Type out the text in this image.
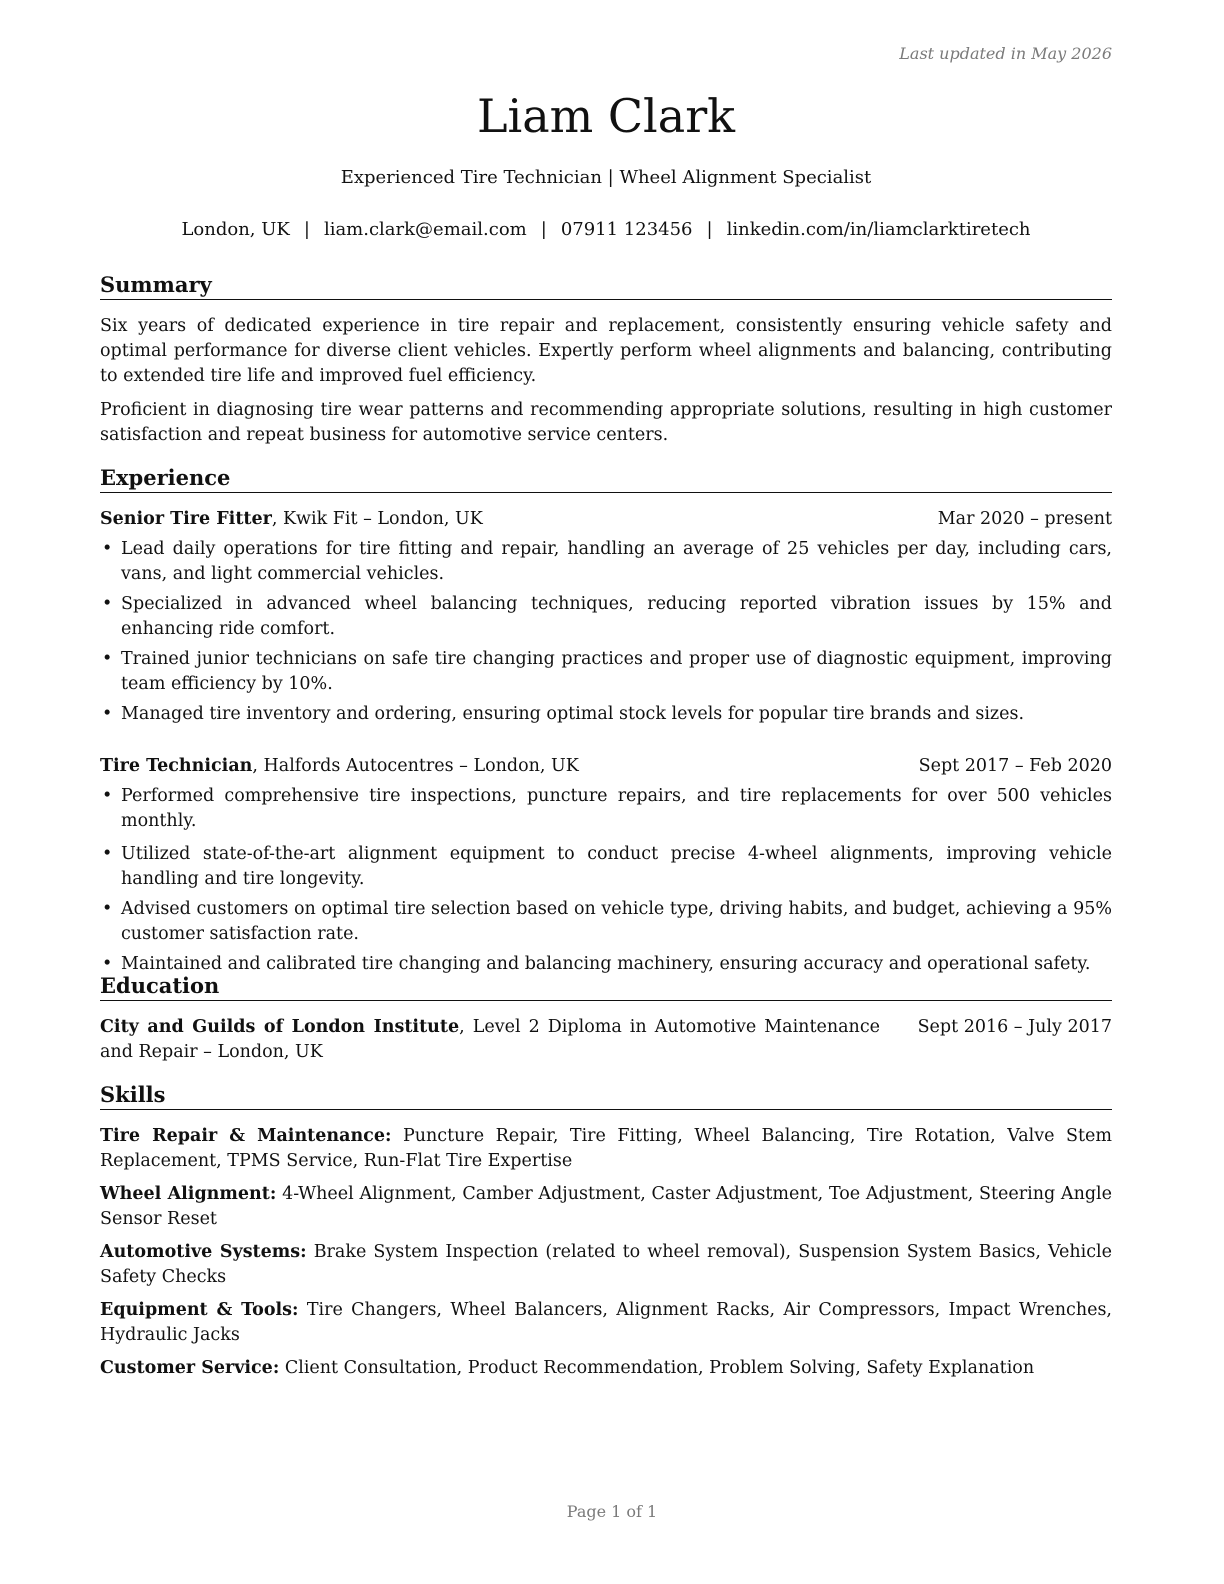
Last updated in May 2026
Liam Clark
Experienced Tire Technician | Wheel Alignment Specialist
London, UK | liam.clark@email.com | 07911 123456 | linkedin.com/in/liamclarktiretech
Summary
Six years of dedicated experience in tire repair and replacement, consistently ensuring vehicle safety and optimal performance for diverse client vehicles. Expertly perform wheel alignments and balancing, contributing to extended tire life and improved fuel efficiency.
Proficient in diagnosing tire wear patterns and recommending appropriate solutions, resulting in high customer satisfaction and repeat business for automotive service centers.
Experience
Senior Tire Fitter, Kwik Fit – London, UK	Mar 2020 – present
• Lead daily operations for tire fitting and repair, handling an average of 25 vehicles per day, including cars, vans, and light commercial vehicles.
• Specialized in advanced wheel balancing techniques, reducing reported vibration issues by 15% and enhancing ride comfort.
• Trained junior technicians on safe tire changing practices and proper use of diagnostic equipment, improving team efficiency by 10%.
• Managed tire inventory and ordering, ensuring optimal stock levels for popular tire brands and sizes.
Tire Technician, Halfords Autocentres – London, UK	Sept 2017 – Feb 2020
• Performed comprehensive tire inspections, puncture repairs, and tire replacements for over 500 vehicles monthly.
• Utilized state-of-the-art alignment equipment to conduct precise 4-wheel alignments, improving vehicle handling and tire longevity.
• Advised customers on optimal tire selection based on vehicle type, driving habits, and budget, achieving a 95% customer satisfaction rate.
• Maintained and calibrated tire changing and balancing machinery, ensuring accuracy and operational safety.
Education
City and Guilds of London Institute, Level 2 Diploma in Automotive Maintenance and Repair – London, UK
Sept 2016 – July 2017
Skills
Tire Repair & Maintenance: Puncture Repair, Tire Fitting, Wheel Balancing, Tire Rotation, Valve Stem Replacement, TPMS Service, Run-Flat Tire Expertise
Wheel Alignment: 4-Wheel Alignment, Camber Adjustment, Caster Adjustment, Toe Adjustment, Steering Angle Sensor Reset
Automotive Systems: Brake System Inspection (related to wheel removal), Suspension System Basics, Vehicle Safety Checks
Equipment & Tools: Tire Changers, Wheel Balancers, Alignment Racks, Air Compressors, Impact Wrenches, Hydraulic Jacks
Customer Service: Client Consultation, Product Recommendation, Problem Solving, Safety Explanation
Page 1 of 1
